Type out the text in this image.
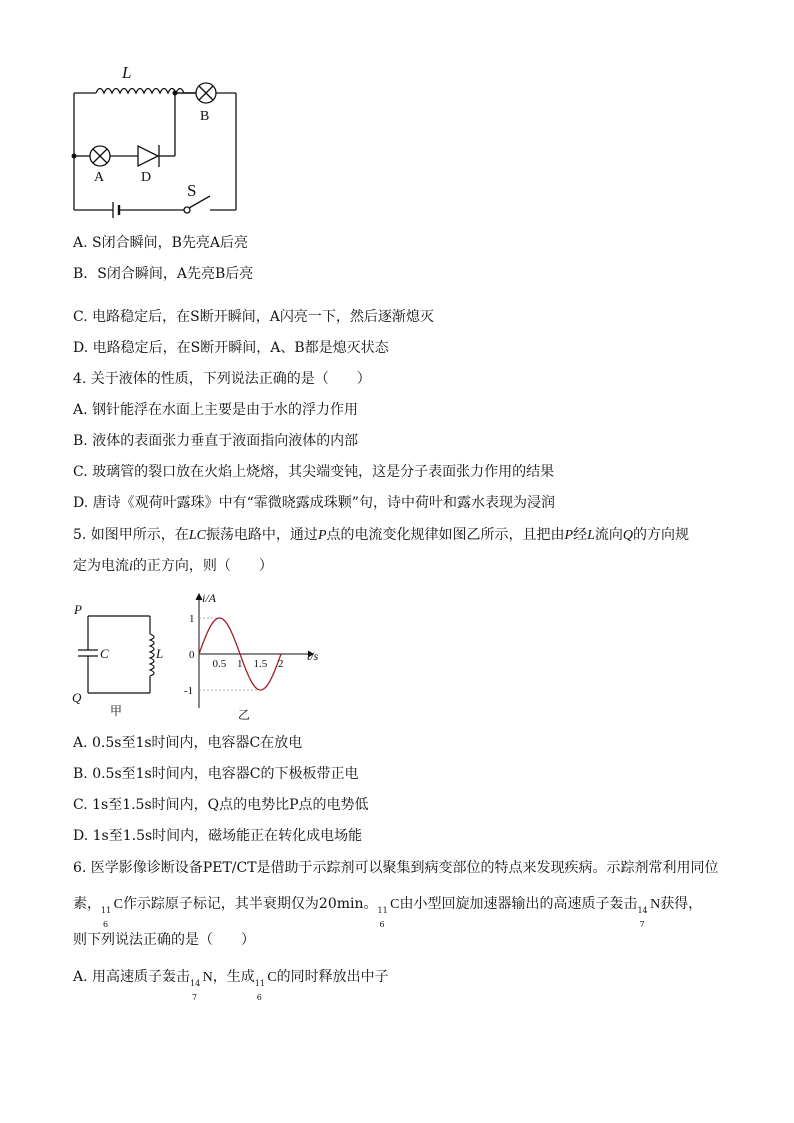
L
B
A	D
S
A. S闭合瞬间，B先亮A后亮
B．S闭合瞬间，A先亮B后亮
C. 电路稳定后，在S断开瞬间，A闪亮一下，然后逐渐熄灭
D. 电路稳定后，在S断开瞬间，A、B都是熄灭状态
4. 关于液体的性质，下列说法正确的是（　　）
A. 钢针能浮在水面上主要是由于水的浮力作用
B. 液体的表面张力垂直于液面指向液体的内部
C. 玻璃管的裂口放在火焰上烧熔，其尖端变钝，这是分子表面张力作用的结果
D. 唐诗《观荷叶露珠》中有“霏微晓露成珠颗”句，诗中荷叶和露水表现为浸润
5. 如图甲所示，在LC振荡电路中，通过P点的电流变化规律如图乙所示，且把由P经L流向Q的方向规
定为电流i的正方向，则（　　）
P
Q
C	L
甲
0.5 1 1.5 2
1
0
-1
i/A
t/s
乙
A. 0.5s至1s时间内，电容器C在放电
B. 0.5s至1s时间内，电容器C的下极板带正电
C. 1s至1.5s时间内，Q点的电势比P点的电势低
D. 1s至1.5s时间内，磁场能正在转化成电场能
6. 医学影像诊断设备PET/CT是借助于示踪剂可以聚集到病变部位的特点来发现疾病。示踪剂常利用同位
素， 11
6
C作示踪原子标记，其半衰期仅为20min。 11
6
C由小型回旋加速器输出的高速质子轰击 14
7
N获得，
则下列说法正确的是（　　）
A. 用高速质子轰击 14
7
N，生成 11
6
C的同时释放出中子
